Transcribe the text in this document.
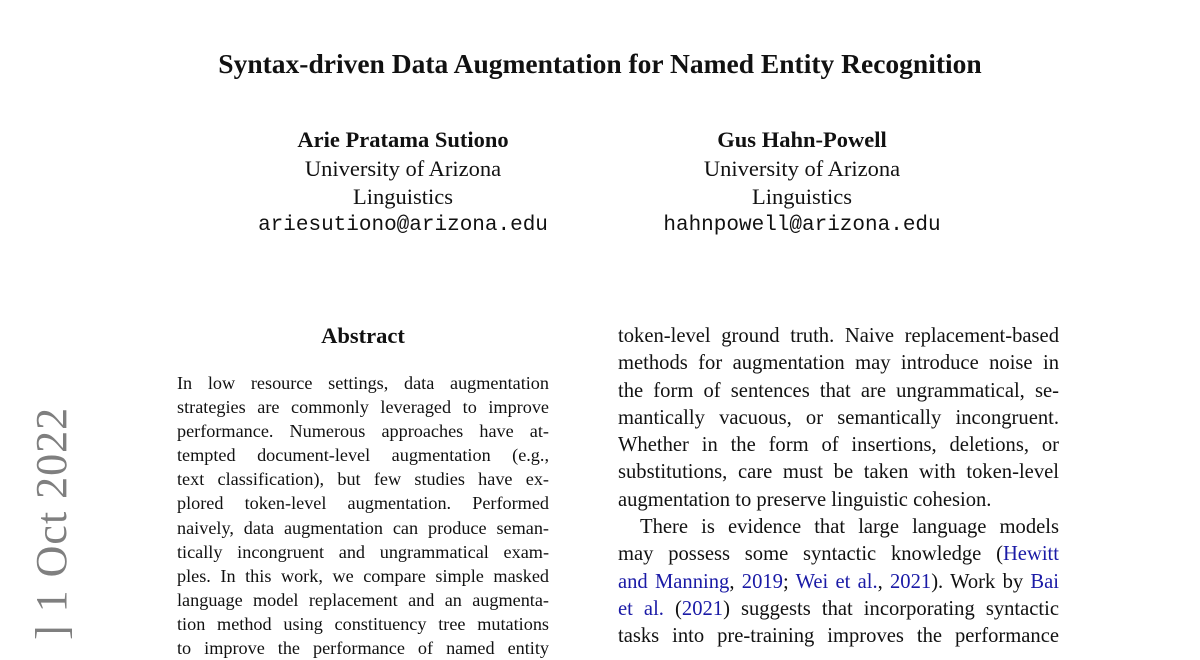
Syntax-driven Data Augmentation for Named Entity Recognition
Arie Pratama Sutiono
University of Arizona
Linguistics
ariesutiono@arizona.edu
Gus Hahn-Powell
University of Arizona
Linguistics
hahnpowell@arizona.edu
] 1 Oct 2022
Abstract
In low resource settings, data augmentation
strategies are commonly leveraged to improve
performance. Numerous approaches have at-
tempted document-level augmentation (e.g.,
text classification), but few studies have ex-
plored token-level augmentation. Performed
naively, data augmentation can produce seman-
tically incongruent and ungrammatical exam-
ples. In this work, we compare simple masked
language model replacement and an augmenta-
tion method using constituency tree mutations
to improve the performance of named entity
token-level ground truth. Naive replacement-based
methods for augmentation may introduce noise in
the form of sentences that are ungrammatical, se-
mantically vacuous, or semantically incongruent.
Whether in the form of insertions, deletions, or
substitutions, care must be taken with token-level
augmentation to preserve linguistic cohesion.
There is evidence that large language models
may possess some syntactic knowledge (Hewitt
and Manning, 2019; Wei et al., 2021). Work by Bai
et al. (2021) suggests that incorporating syntactic
tasks into pre-training improves the performance
